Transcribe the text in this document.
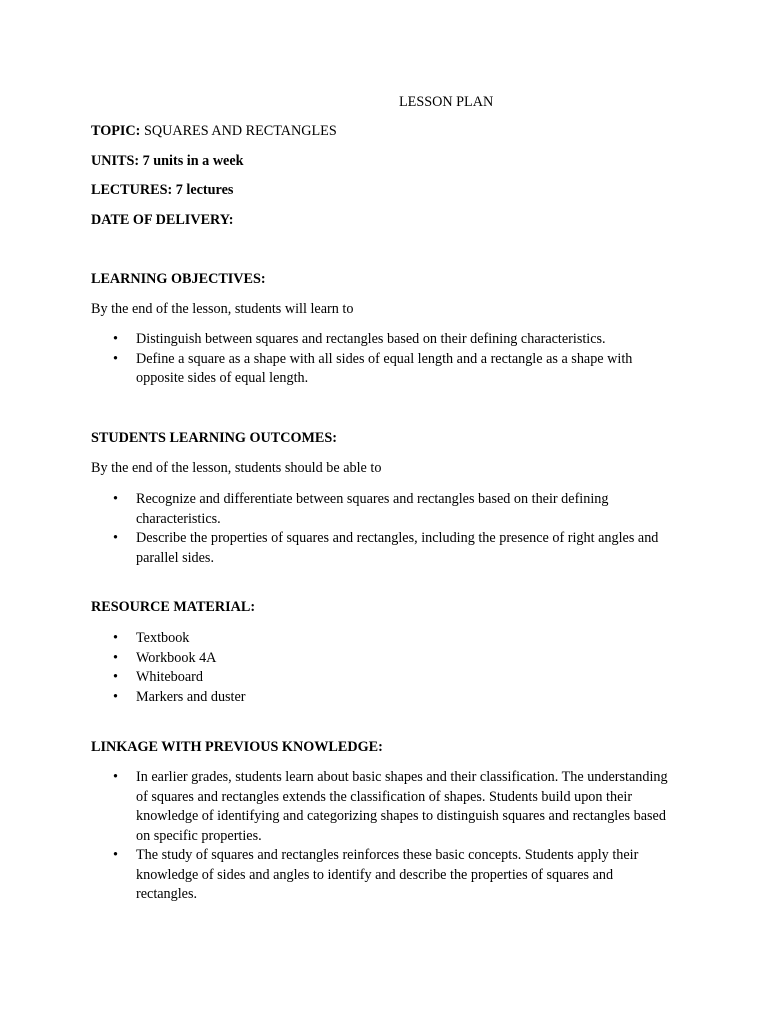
LESSON PLAN

TOPIC: SQUARES AND RECTANGLES

UNITS: 7 units in a week

LECTURES: 7 lectures

DATE OF DELIVERY:

LEARNING OBJECTIVES:

By the end of the lesson, students will learn to

• Distinguish between squares and rectangles based on their defining characteristics.
• Define a square as a shape with all sides of equal length and a rectangle as a shape with opposite sides of equal length.

STUDENTS LEARNING OUTCOMES:

By the end of the lesson, students should be able to

• Recognize and differentiate between squares and rectangles based on their defining characteristics.
• Describe the properties of squares and rectangles, including the presence of right angles and parallel sides.

RESOURCE MATERIAL:

• Textbook
• Workbook 4A
• Whiteboard
• Markers and duster

LINKAGE WITH PREVIOUS KNOWLEDGE:

• In earlier grades, students learn about basic shapes and their classification. The understanding of squares and rectangles extends the classification of shapes. Students build upon their knowledge of identifying and categorizing shapes to distinguish squares and rectangles based on specific properties.
• The study of squares and rectangles reinforces these basic concepts. Students apply their knowledge of sides and angles to identify and describe the properties of squares and rectangles.
